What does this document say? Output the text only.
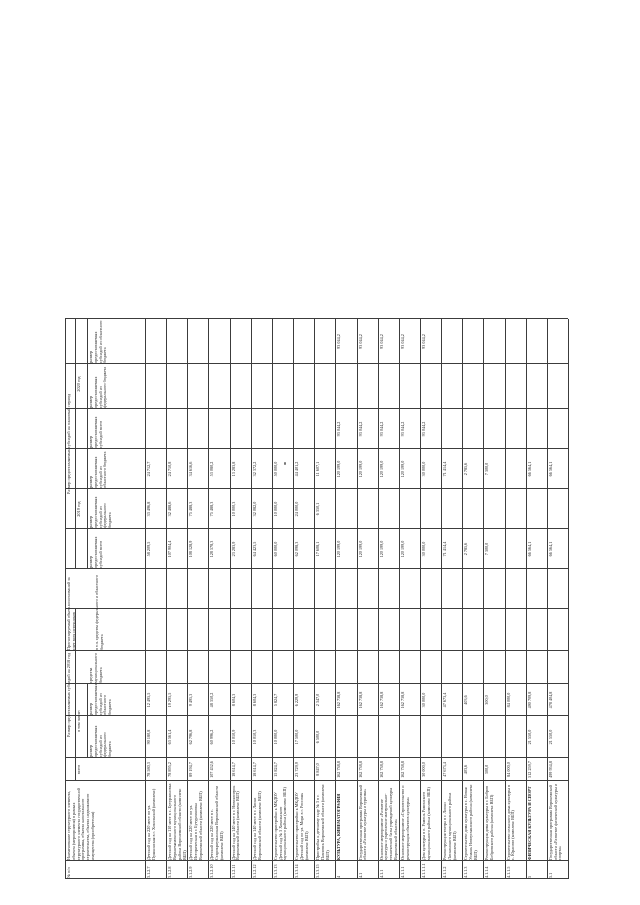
№ п/п
Наименование структурного элемента, объекта (мероприятия) в рамках структурного элемента государственной программы, объекта капитального строительства, объекта недвижимого имущества (приобретения)
Размер предоставляемых субсидий на 2018 год
всего
в том числе:
размер предоставляемых субсидий из федерального бюджета
размер предоставляемых субсидий из областного бюджета
средства муниципального бюджета
Прогнозируемый объем ассигнований за счет всех источников	в т.ч. средства федерального и областного бюджета
Размер предоставляемых субсидий на плановый период
2019 год
2020 год
размер предоставляемых субсидий всего
размер предоставляемых субсидий из федерального бюджета
размер предоставляемых субсидий из областного бюджета
размер предоставляемых субсидий всего
размер предоставляемых субсидий из федерального бюджета
размер предоставляемых субсидий из областного бюджета
3.1.2.7
Детский сад на 220 мест по ул. Пушкинская в г. Хохольский (комплекс)
78 580,3
90 180,8
12 495,5
58 209,5
33 496,8
24 712,7
3.1.2.8
Детский сад на 110 мест в с. Бутурлиновка Верхнемамонского муниципального района Воронежской области (комплекс ВБП)
78 895,2
63 561,4
19 295,5
107 904,4
32 488,6
24 710,8
3.1.2.9
Детский сад на 220 мест по ул. Историческая в г. Бутурлиновка Воронежской области (комплекс ВБП)
89 194,7
62 796,8
9 495,3
108 128,9
75 488,3
34 616,6
3.1.2.10
Детский сад на 220 мест в с. Старокриушанская Воронежской области (комплекс ВБП)
107 452,6
60 996,2
48 350,2
128 578,3
75 488,3
53 080,2
3.1.2.11
Детский сад на 140 мест в г. Новохоперск Воронежской области (комплекс ВБП)
18 614,7
10 010,9
8 604,3
23 283,9
10 000,3
13 283,8
3.1.2.12
Детский сад на 140 мест в г. Лиски Воронежской области (комплекс ВБП)
18 614,7
10 010,3
8 604,3
64 423,5
32 082,0
32 372,2
3.1.3.13
Строительство пристройки к МКДОУ Детский сад № 3 Хохольского муниципального района (комплекс ВБП)
15 824,7
10 000,0
5 824,7
60 000,0
10 000,0
50 000,0
3.1.3.14
Строительство пристройки к МКДОУ Детский сад по ул. Мира в г. Россошь (комплекс ВБП)
23 729,9
17 500,0
6 229,9
62 098,3
24 000,0
44 401,2
3.1.3.15
Пристройка к детскому саду № 3 в г. Павловск Воронежской области (комплекс ВБП)
8 847,0
6 500,0
2 347,0
17 608,1
6 350,1
11 607,1
4
КУЛЬТУРА, КИНЕМАТОГРАФИЯ
162 738,8
162 738,8
120 199,0
120 199,0
93 044,2
93 044,2
4.1
Государственная программа Воронежской области «Развитие культуры и туризма»
162 738,8
162 738,8
120 199,0
120 199,0
93 044,2
93 044,2
4.1.1
Основное мероприятие «Развитие культуры и укрепление материально-технической базы учреждений культуры Воронежской области»
162 738,8
162 738,8
120 199,0
120 199,0
93 044,2
93 044,2
4.1.1.1
Основное мероприятие «Строительство и реконструкция объектов культуры»
162 738,8
162 738,8
120 199,0
120 199,0
93 044,2
93 044,2
4.1.1.1.1
Дом культуры в п. Рамонь Рамонского муниципального района (комплекс ВБП)
30 000,0
30 000,0
30 000,0
30 000,0
93 044,2
93 044,2
4.1.1.2
Реконструкция театра в г. Лиски Лискинского муниципального района (комплекс ВБП)
47 673,4
47 673,4
71 414,4
71 414,4
4.1.1.3
Строительство дома культуры в с. Новая Усмань Новоусманского района (комплекс ВБП)
403,6
403,6
2 785,6
2 785,6
4.1.1.4
Реконструкция дома культуры в г. Бобров Бобровского района (комплекс ВБП)
300,0
300,0
7 300,0
7 300,0
4.1.1.5
Строительство сельского дома культуры в с. Юрасово (комплекс ВБП)
84 000,0
84 000,0
5
ФИЗИЧЕСКАЯ КУЛЬТУРА И СПОРТ
512 259,7
21 550,0
490 709,8
66 564,1
66 564,1
5.1
Государственная программа Воронежской области «Развитие физической культуры и спорта»
499 954,8
21 550,0
478 404,8
66 564,1
66 564,1
